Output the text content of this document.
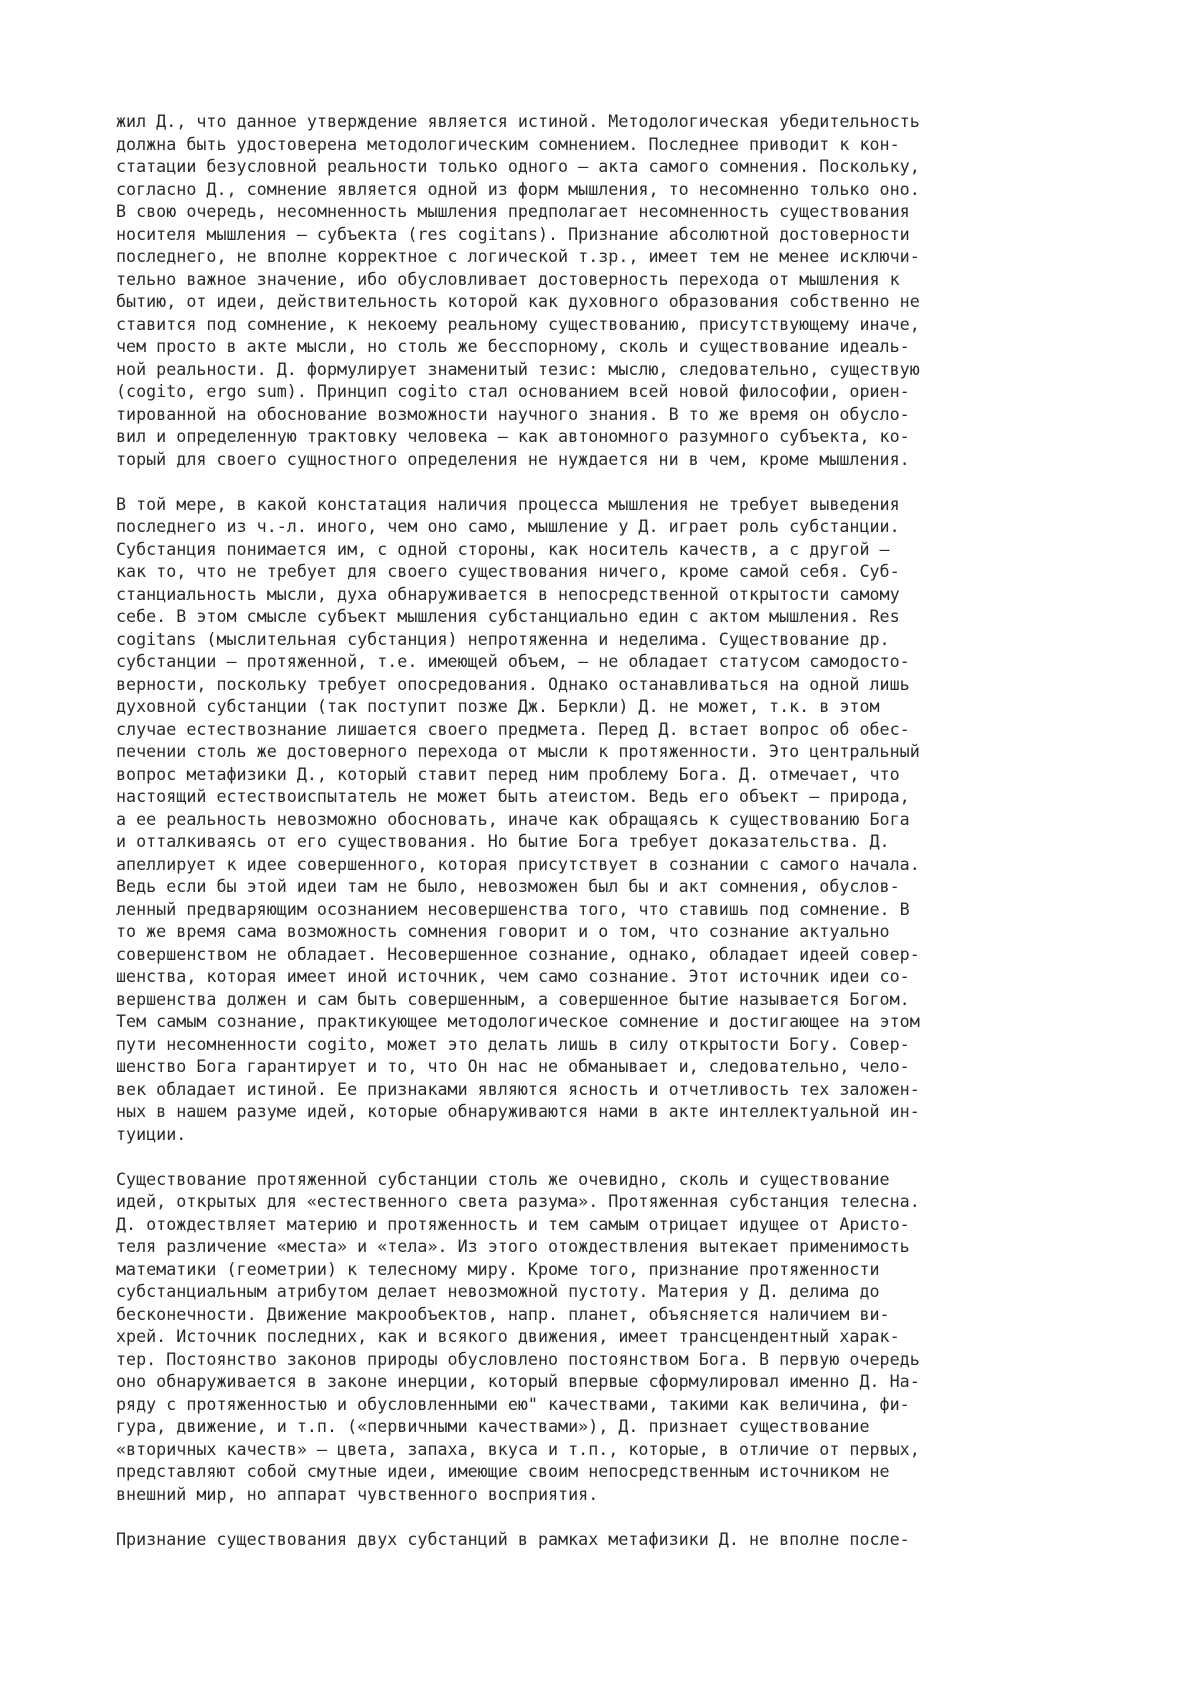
жил Д., что данное утверждение является истиной. Методологическая убедительность
должна быть удостоверена методологическим сомнением. Последнее приводит к кон-
статации безусловной реальности только одного — акта самого сомнения. Поскольку,
согласно Д., сомнение является одной из форм мышления, то несомненно только оно.
В свою очередь, несомненность мышления предполагает несомненность существования
носителя мышления — субъекта (res cogitans). Признание абсолютной достоверности
последнего, не вполне корректное с логической т.зр., имеет тем не менее исключи-
тельно важное значение, ибо обусловливает достоверность перехода от мышления к
бытию, от идеи, действительность которой как духовного образования собственно не
ставится под сомнение, к некоему реальному существованию, присутствующему иначе,
чем просто в акте мысли, но столь же бесспорному, сколь и существование идеаль-
ной реальности. Д. формулирует знаменитый тезис: мыслю, следовательно, существую
(cogito, ergo sum). Принцип cogito стал основанием всей новой философии, ориен-
тированной на обоснование возможности научного знания. В то же время он обусло-
вил и определенную трактовку человека — как автономного разумного субъекта, ко-
торый для своего сущностного определения не нуждается ни в чем, кроме мышления.

В той мере, в какой констатация наличия процесса мышления не требует выведения
последнего из ч.-л. иного, чем оно само, мышление у Д. играет роль субстанции.
Субстанция понимается им, с одной стороны, как носитель качеств, а с другой —
как то, что не требует для своего существования ничего, кроме самой себя. Суб-
станциальность мысли, духа обнаруживается в непосредственной открытости самому
себе. В этом смысле субъект мышления субстанциально един с актом мышления. Res
cogitans (мыслительная субстанция) непротяженна и неделима. Существование др.
субстанции — протяженной, т.е. имеющей объем, — не обладает статусом самодосто-
верности, поскольку требует опосредования. Однако останавливаться на одной лишь
духовной субстанции (так поступит позже Дж. Беркли) Д. не может, т.к. в этом
случае естествознание лишается своего предмета. Перед Д. встает вопрос об обес-
печении столь же достоверного перехода от мысли к протяженности. Это центральный
вопрос метафизики Д., который ставит перед ним проблему Бога. Д. отмечает, что
настоящий естествоиспытатель не может быть атеистом. Ведь его объект — природа,
а ее реальность невозможно обосновать, иначе как обращаясь к существованию Бога
и отталкиваясь от его существования. Но бытие Бога требует доказательства. Д.
апеллирует к идее совершенного, которая присутствует в сознании с самого начала.
Ведь если бы этой идеи там не было, невозможен был бы и акт сомнения, обуслов-
ленный предваряющим осознанием несовершенства того, что ставишь под сомнение. В
то же время сама возможность сомнения говорит и о том, что сознание актуально
совершенством не обладает. Несовершенное сознание, однако, обладает идеей совер-
шенства, которая имеет иной источник, чем само сознание. Этот источник идеи со-
вершенства должен и сам быть совершенным, а совершенное бытие называется Богом.
Тем самым сознание, практикующее методологическое сомнение и достигающее на этом
пути несомненности cogito, может это делать лишь в силу открытости Богу. Совер-
шенство Бога гарантирует и то, что Он нас не обманывает и, следовательно, чело-
век обладает истиной. Ее признаками являются ясность и отчетливость тех заложен-
ных в нашем разуме идей, которые обнаруживаются нами в акте интеллектуальной ин-
туиции.

Существование протяженной субстанции столь же очевидно, сколь и существование
идей, открытых для «естественного света разума». Протяженная субстанция телесна.
Д. отождествляет материю и протяженность и тем самым отрицает идущее от Аристо-
теля различение «места» и «тела». Из этого отождествления вытекает применимость
математики (геометрии) к телесному миру. Кроме того, признание протяженности
субстанциальным атрибутом делает невозможной пустоту. Материя у Д. делима до
бесконечности. Движение макрообъектов, напр. планет, объясняется наличием ви-
хрей. Источник последних, как и всякого движения, имеет трансцендентный харак-
тер. Постоянство законов природы обусловлено постоянством Бога. В первую очередь
оно обнаруживается в законе инерции, который впервые сформулировал именно Д. На-
ряду с протяженностью и обусловленными ею" качествами, такими как величина, фи-
гура, движение, и т.п. («первичными качествами»), Д. признает существование
«вторичных качеств» — цвета, запаха, вкуса и т.п., которые, в отличие от первых,
представляют собой смутные идеи, имеющие своим непосредственным источником не
внешний мир, но аппарат чувственного восприятия.

Признание существования двух субстанций в рамках метафизики Д. не вполне после-
